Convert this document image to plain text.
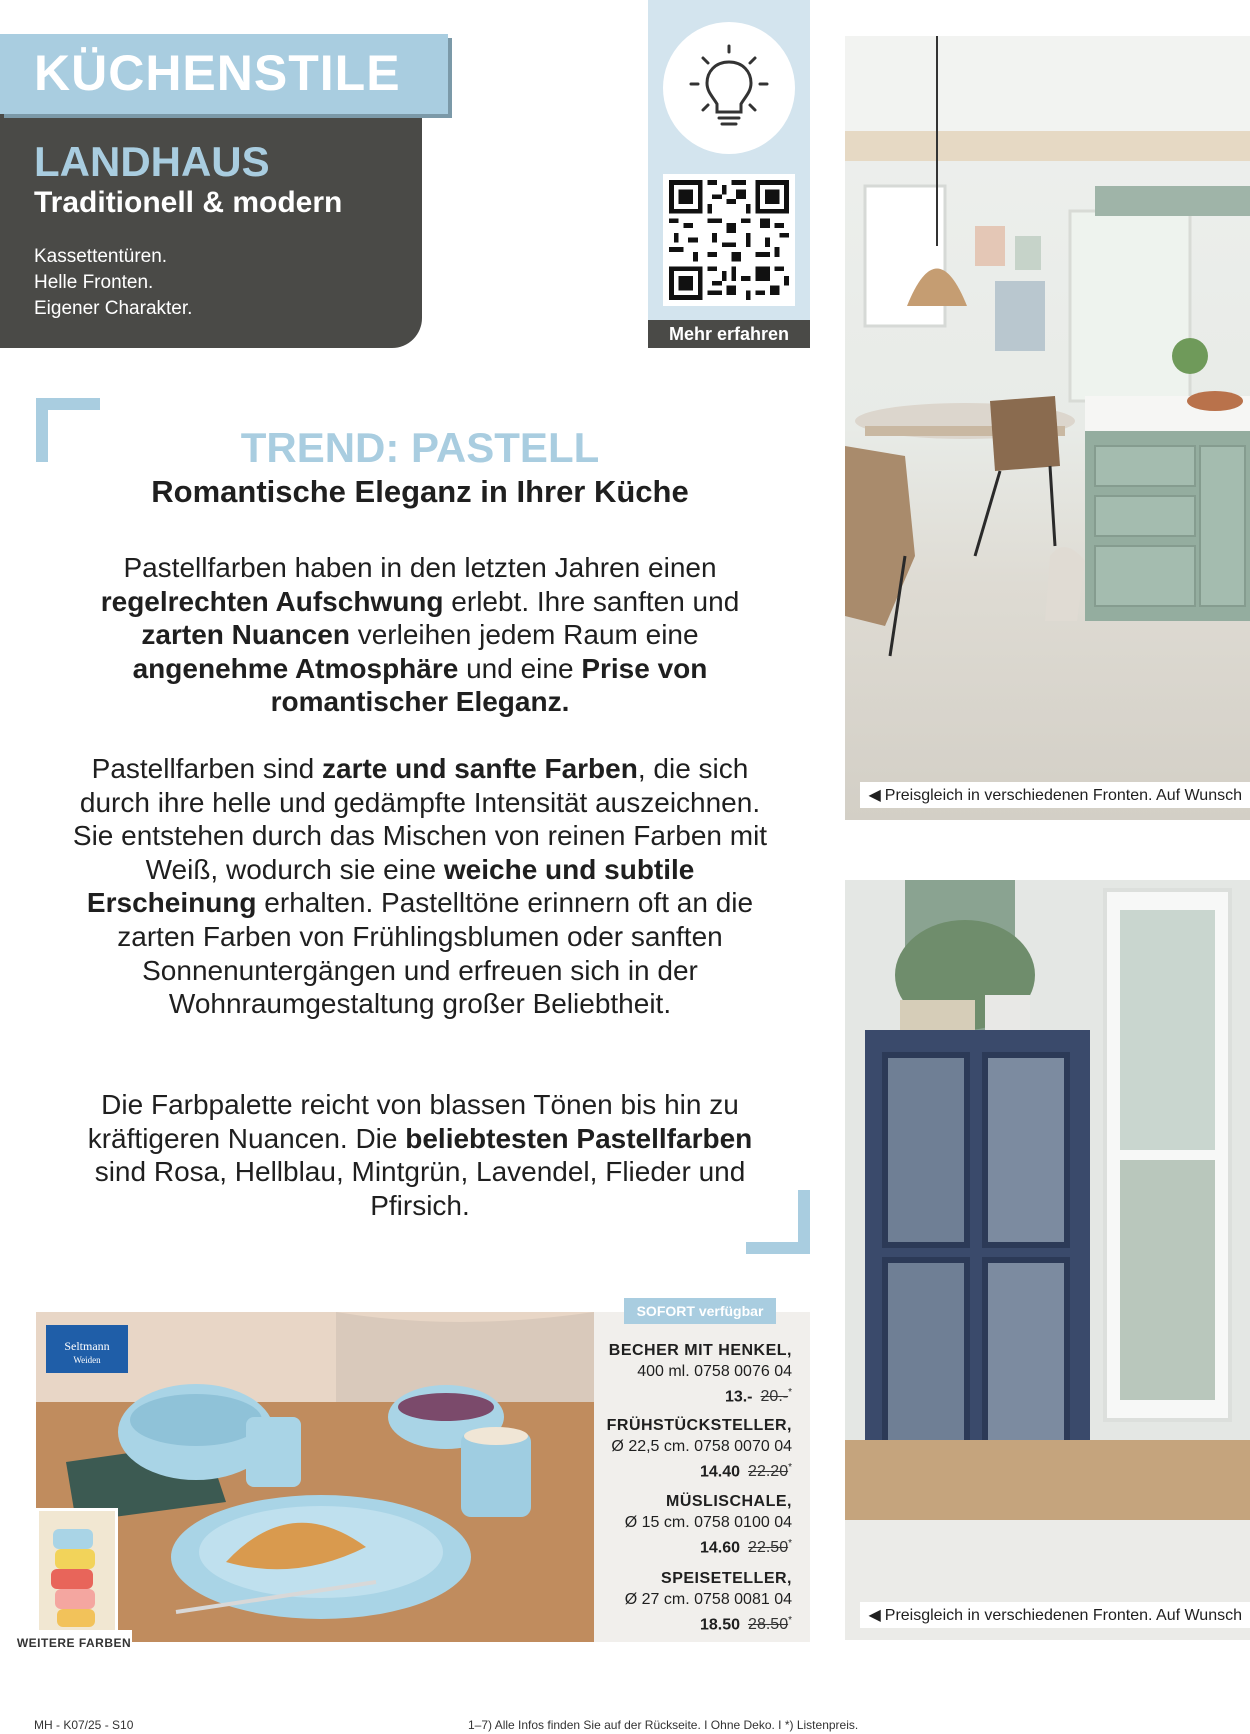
KÜCHENSTILE
LANDHAUS
Traditionell & modern
Kassettentüren.
Helle Fronten.
Eigener Charakter.
Mehr erfahren
◀ Preisgleich in verschiedenen Fronten. Auf Wunsch
◀ Preisgleich in verschiedenen Fronten. Auf Wunsch
TREND: PASTELL
Romantische Eleganz in Ihrer Küche
Pastellfarben haben in den letzten Jahren einen regelrechten Aufschwung erlebt. Ihre sanften und zarten Nuancen verleihen jedem Raum eine angenehme Atmosphäre und eine Prise von romantischer Eleganz.
Pastellfarben sind zarte und sanfte Farben, die sich durch ihre helle und gedämpfte Intensität auszeichnen. Sie entstehen durch das Mischen von reinen Farben mit Weiß, wodurch sie eine weiche und subtile Erscheinung erhalten. Pastelltöne erinnern oft an die zarten Farben von Frühlingsblumen oder sanften Sonnenuntergängen und erfreuen sich in der Wohnraumgestaltung großer Beliebtheit.
Die Farbpalette reicht von blassen Tönen bis hin zu kräftigeren Nuancen. Die beliebtesten Pastellfarben sind Rosa, Hellblau, Mintgrün, Lavendel, Flieder und Pfirsich.
Seltmann
Weiden
WEITERE FARBEN
SOFORT verfügbar
BECHER MIT HENKEL,
400 ml. 0758 0076 04
13.- 20.-*
FRÜHSTÜCKSTELLER,
Ø 22,5 cm. 0758 0070 04
14.40 22.20*
MÜSLISCHALE,
Ø 15 cm. 0758 0100 04
14.60 22.50*
SPEISETELLER,
Ø 27 cm. 0758 0081 04
18.50 28.50*
MH - K07/25 - S10	1–7) Alle Infos finden Sie auf der Rückseite. I Ohne Deko. I *) Listenpreis.
